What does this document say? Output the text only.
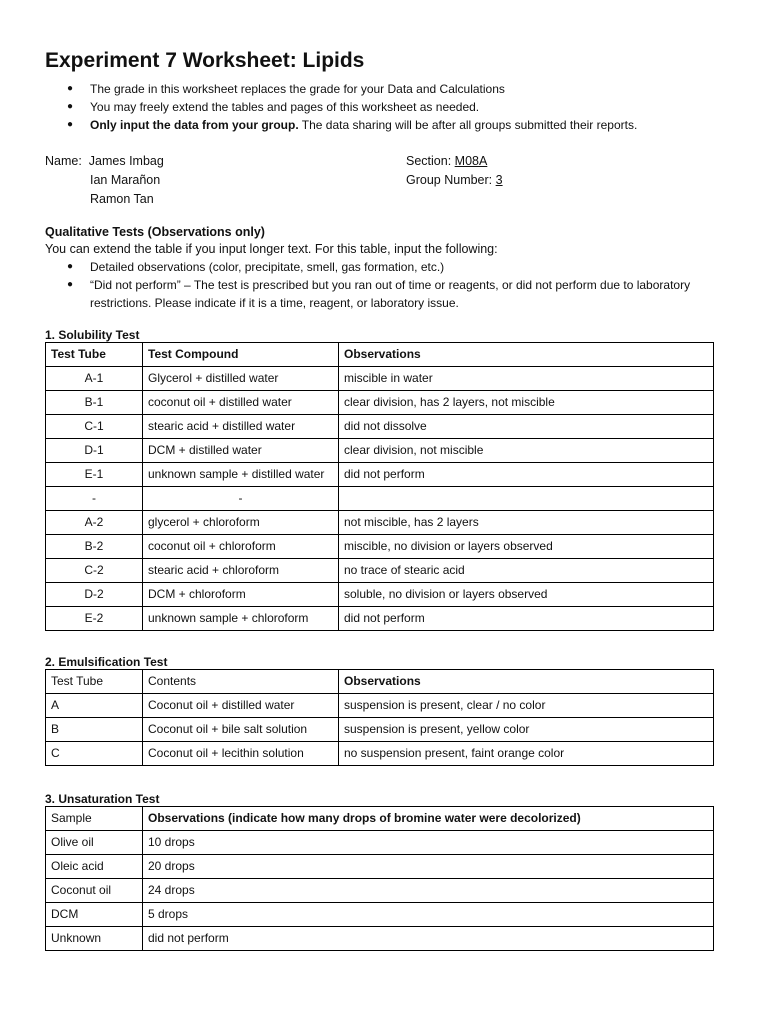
Experiment 7 Worksheet: Lipids
● The grade in this worksheet replaces the grade for your Data and Calculations
● You may freely extend the tables and pages of this worksheet as needed.
● Only input the data from your group. The data sharing will be after all groups submitted their reports.
Name: James Imbag
Ian Marañon
Ramon Tan
Section: M08A
Group Number: 3
Qualitative Tests (Observations only)
You can extend the table if you input longer text. For this table, input the following:
● Detailed observations (color, precipitate, smell, gas formation, etc.)
● “Did not perform” – The test is prescribed but you ran out of time or reagents, or did not perform due to laboratory restrictions. Please indicate if it is a time, reagent, or laboratory issue.
1. Solubility Test
Test Tube	Test Compound	Observations
A-1	Glycerol + distilled water	miscible in water
B-1	coconut oil + distilled water	clear division, has 2 layers, not miscible
C-1	stearic acid + distilled water	did not dissolve
D-1	DCM + distilled water	clear division, not miscible
E-1	unknown sample + distilled water	did not perform
-	-	
A-2	glycerol + chloroform	not miscible, has 2 layers
B-2	coconut oil + chloroform	miscible, no division or layers observed
C-2	stearic acid + chloroform	no trace of stearic acid
D-2	DCM + chloroform	soluble, no division or layers observed
E-2	unknown sample + chloroform	did not perform
2. Emulsification Test
Test Tube	Contents	Observations
A	Coconut oil + distilled water	suspension is present, clear / no color
B	Coconut oil + bile salt solution	suspension is present, yellow color
C	Coconut oil + lecithin solution	no suspension present, faint orange color
3. Unsaturation Test
Sample	Observations (indicate how many drops of bromine water were decolorized)
Olive oil	10 drops
Oleic acid	20 drops
Coconut oil	24 drops
DCM	5 drops
Unknown	did not perform
